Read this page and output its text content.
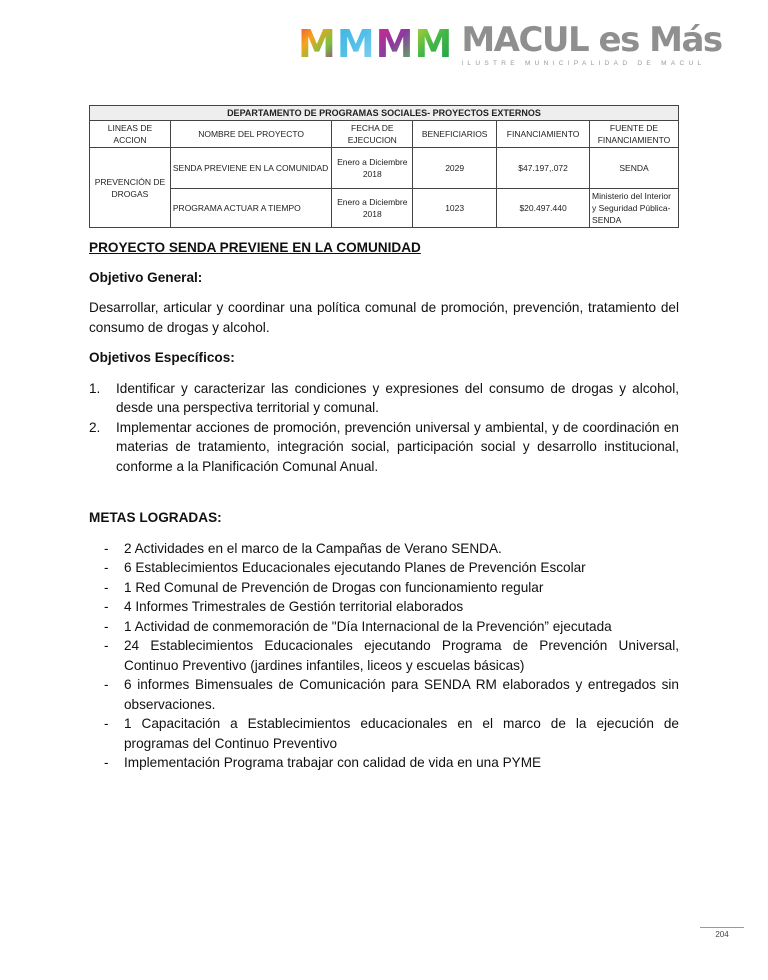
M M M M MACUL es Más
ILUSTRE MUNICIPALIDAD DE MACUL
DEPARTAMENTO DE PROGRAMAS SOCIALES- PROYECTOS EXTERNOS					
LINEAS DE ACCION	NOMBRE DEL PROYECTO	FECHA DE EJECUCION	BENEFICIARIOS	FINANCIAMIENTO	FUENTE DE FINANCIAMIENTO
PREVENCIÓN DE DROGAS	SENDA PREVIENE EN LA COMUNIDAD	Enero a Diciembre 2018	2029	$47.197,.072	SENDA
	PROGRAMA ACTUAR A TIEMPO	Enero a Diciembre 2018	1023	$20.497.440	Ministerio del Interior y Seguridad Pública-SENDA

PROYECTO SENDA PREVIENE EN LA COMUNIDAD

Objetivo General:

Desarrollar, articular y coordinar una política comunal de promoción, prevención, tratamiento del consumo de drogas y alcohol.

Objetivos Específicos:

1. Identificar y caracterizar las condiciones y expresiones del consumo de drogas y alcohol, desde una perspectiva territorial y comunal.
2. Implementar acciones de promoción, prevención universal y ambiental, y de coordinación en materias de tratamiento, integración social, participación social y desarrollo institucional, conforme a la Planificación Comunal Anual.

METAS LOGRADAS:

- 2 Actividades en el marco de la Campañas de Verano SENDA.
- 6 Establecimientos Educacionales ejecutando Planes de Prevención Escolar
- 1 Red Comunal de Prevención de Drogas con funcionamiento regular
- 4 Informes Trimestrales de Gestión territorial elaborados
- 1 Actividad de conmemoración de "Día Internacional de la Prevención” ejecutada
- 24 Establecimientos Educacionales ejecutando Programa de Prevención Universal, Continuo Preventivo (jardines infantiles, liceos y escuelas básicas)
- 6 informes Bimensuales de Comunicación para SENDA RM elaborados y entregados sin observaciones.
- 1 Capacitación a Establecimientos educacionales en el marco de la ejecución de programas del Continuo Preventivo
- Implementación Programa trabajar con calidad de vida en una PYME
204
